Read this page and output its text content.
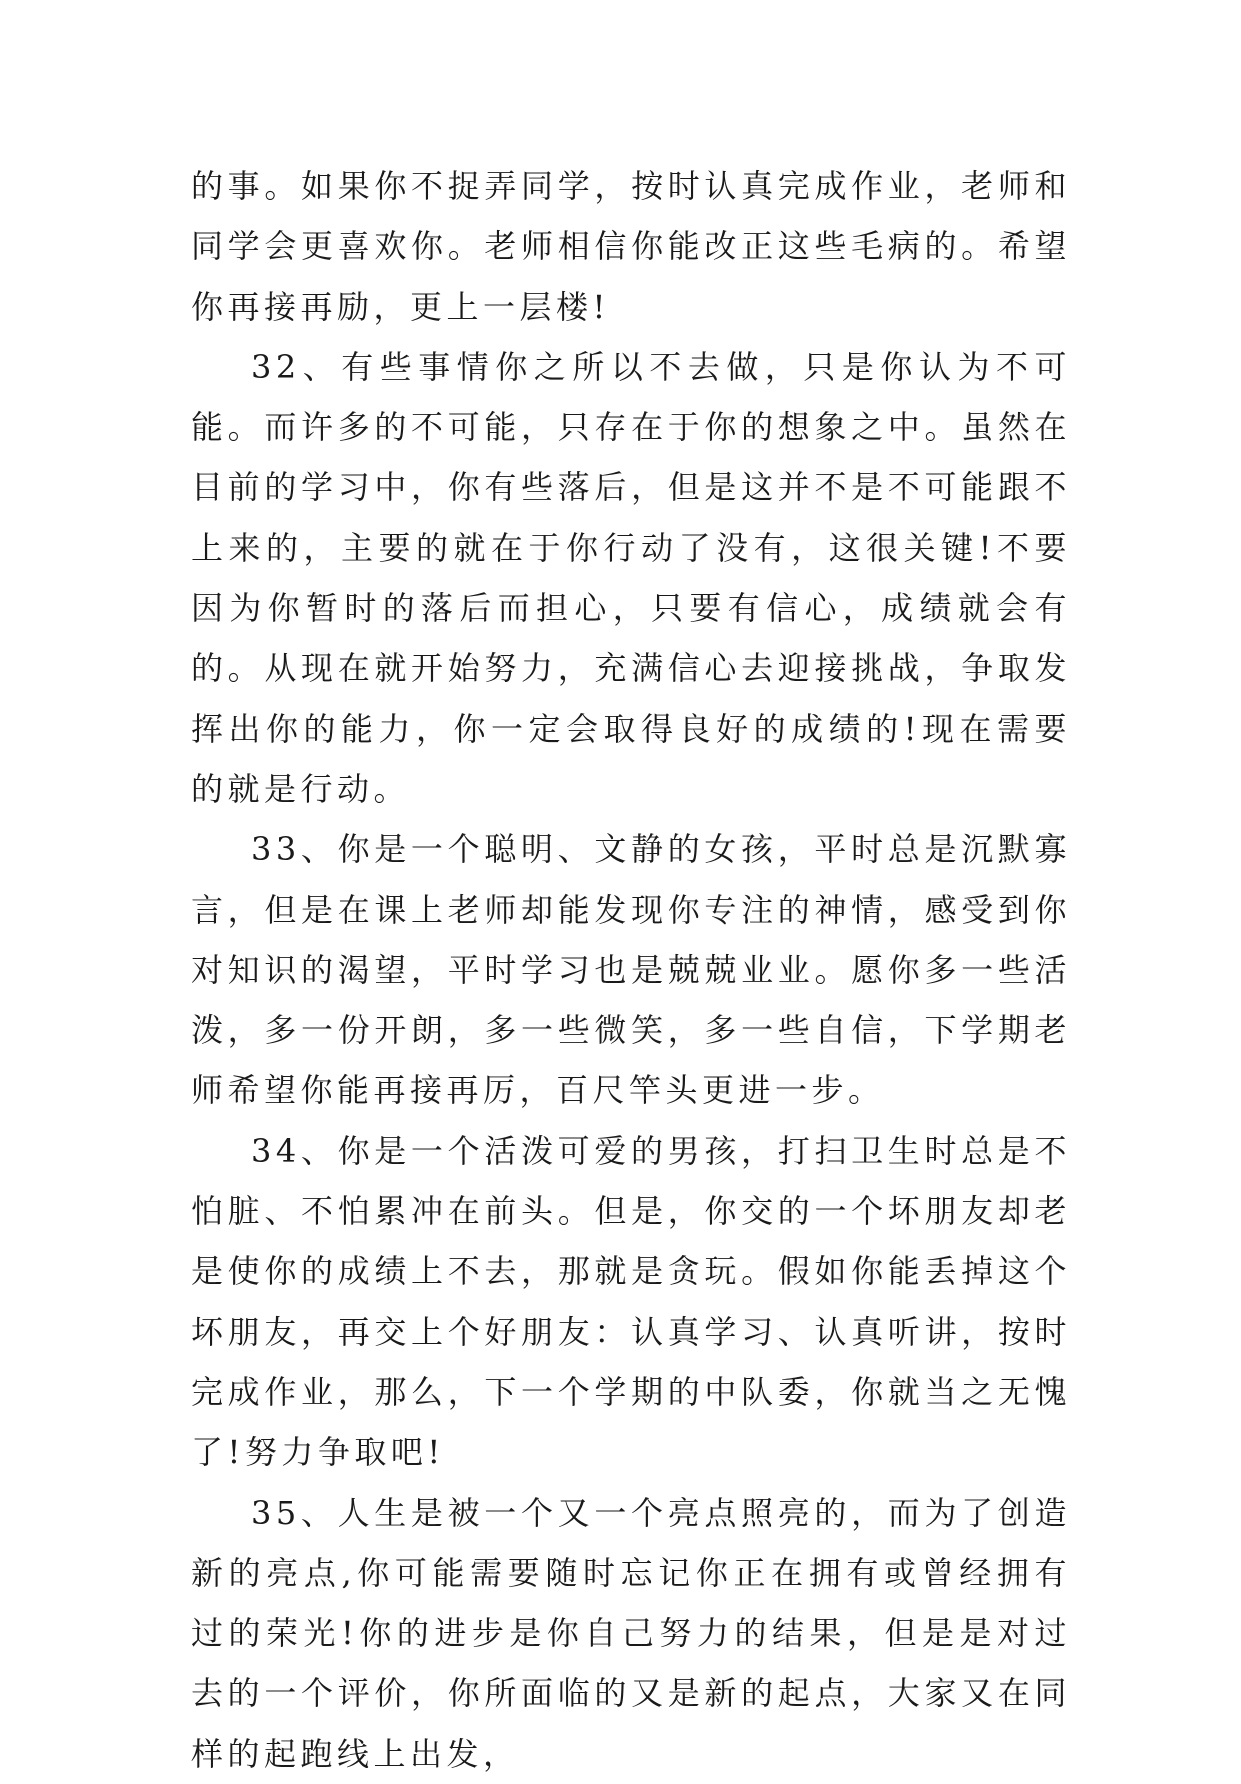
的事。如果你不捉弄同学，按时认真完成作业，老师和同学会更喜欢你。老师相信你能改正这些毛病的。希望你再接再励，更上一层楼!

32、有些事情你之所以不去做，只是你认为不可能。而许多的不可能，只存在于你的想象之中。虽然在目前的学习中，你有些落后，但是这并不是不可能跟不上来的，主要的就在于你行动了没有，这很关键!不要因为你暂时的落后而担心，只要有信心，成绩就会有的。从现在就开始努力，充满信心去迎接挑战，争取发挥出你的能力，你一定会取得良好的成绩的!现在需要的就是行动。

33、你是一个聪明、文静的女孩，平时总是沉默寡言，但是在课上老师却能发现你专注的神情，感受到你对知识的渴望，平时学习也是兢兢业业。愿你多一些活泼，多一份开朗，多一些微笑，多一些自信，下学期老师希望你能再接再厉，百尺竿头更进一步。

34、你是一个活泼可爱的男孩，打扫卫生时总是不怕脏、不怕累冲在前头。但是，你交的一个坏朋友却老是使你的成绩上不去，那就是贪玩。假如你能丢掉这个坏朋友，再交上个好朋友：认真学习、认真听讲，按时完成作业，那么，下一个学期的中队委，你就当之无愧了!努力争取吧!

35、人生是被一个又一个亮点照亮的，而为了创造新的亮点,你可能需要随时忘记你正在拥有或曾经拥有过的荣光!你的进步是你自己努力的结果，但是是对过去的一个评价，你所面临的又是新的起点，大家又在同样的起跑线上出发，
